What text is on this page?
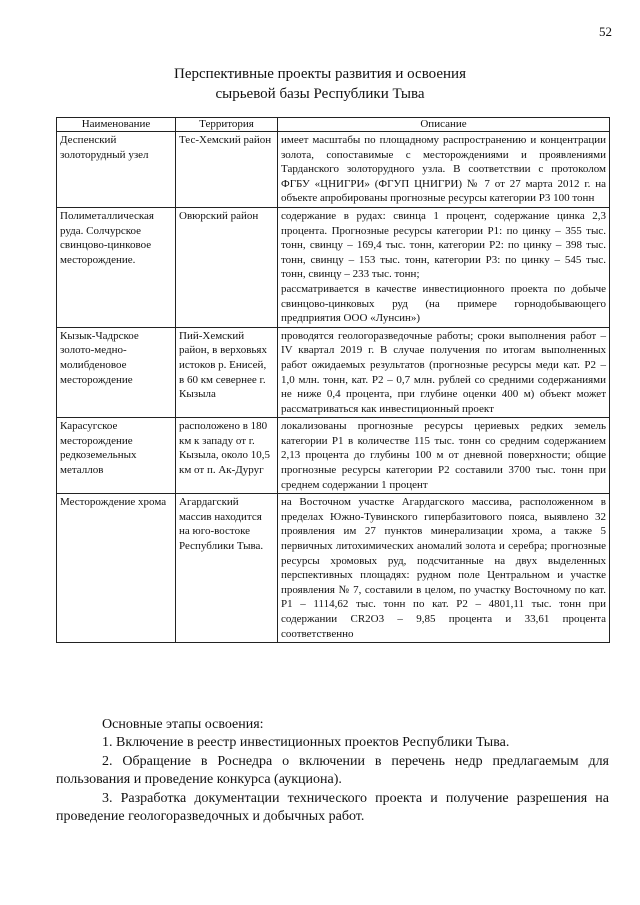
52
Перспективные проекты развития и освоения
сырьевой базы Республики Тыва
Наименование	Территория	Описание
Деспенский золоторудный узел	Тес-Хемский район	имеет масштабы по площадному распространению и концентрации золота, сопоставимые с месторождениями и проявлениями Тарданского золоторудного узла. В соответствии с протоколом ФГБУ «ЦНИГРИ» (ФГУП ЦНИГРИ) № 7 от 27 марта 2012 г. на объекте апробированы прогнозные ресурсы категории Р3 100 тонн

Полиметаллическая руда. Солчурское свинцово-цинковое месторождение.	Овюрский район	содержание в рудах: свинца 1 процент, содержание цинка 2,3 процента. Прогнозные ресурсы категории Р1: по цинку – 355 тыс. тонн, свинцу – 169,4 тыс. тонн, категории Р2: по цинку – 398 тыс. тонн, свинцу – 153 тыс. тонн, категории Р3: по цинку – 545 тыс. тонн, свинцу – 233 тыс. тонн;
рассматривается в качестве инвестиционного проекта по добыче свинцово-цинковых руд (на примере горнодобывающего предприятия ООО «Лунсин»)

Кызык-Чадрское золото-медно-молибденовое месторождение	Пий-Хемский район, в верховьях истоков р. Енисей, в 60 км севернее г. Кызыла	проводятся геологоразведочные работы; сроки выполнения работ – IV квартал 2019 г. В случае получения по итогам выполненных работ ожидаемых результатов (прогнозные ресурсы меди кат. Р2 – 1,0 млн. тонн, кат. Р2 – 0,7 млн. рублей со средними содержаниями не ниже 0,4 процента, при глубине оценки 400 м) объект может рассматриваться как инвестиционный проект

Карасугское месторождение редкоземельных металлов	расположено в 180 км к западу от г. Кызыла, около 10,5 км от п. Ак-Дуруг	локализованы прогнозные ресурсы цериевых редких земель категории Р1 в количестве 115 тыс. тонн со средним содержанием 2,13 процента до глубины 100 м от дневной поверхности; общие прогнозные ресурсы категории Р2 составили 3700 тыс. тонн при среднем содержании 1 процент

Месторождение хрома	Агардагский массив находится на юго-востоке Республики Тыва.	на Восточном участке Агардагского массива, расположенном в пределах Южно-Тувинского гипербазитового пояса, выявлено 32 проявления им 27 пунктов минерализации хрома, а также 5 первичных литохимических аномалий золота и серебра; прогнозные ресурсы хромовых руд, подсчитанные на двух выделенных перспективных площадях: рудном поле Центральном и участке проявления № 7, составили в целом, по участку Восточному по кат. Р1 – 1114,62 тыс. тонн по кат. Р2 – 4801,11 тыс. тонн при содержании CR2O3 – 9,85 процента и 33,61 процента соответственно
Основные этапы освоения:
1. Включение в реестр инвестиционных проектов Республики Тыва.
2. Обращение в Роснедра о включении в перечень недр предлагаемым для пользования и проведение конкурса (аукциона).
3. Разработка документации технического проекта и получение разрешения на проведение геологоразведочных и добычных работ.
